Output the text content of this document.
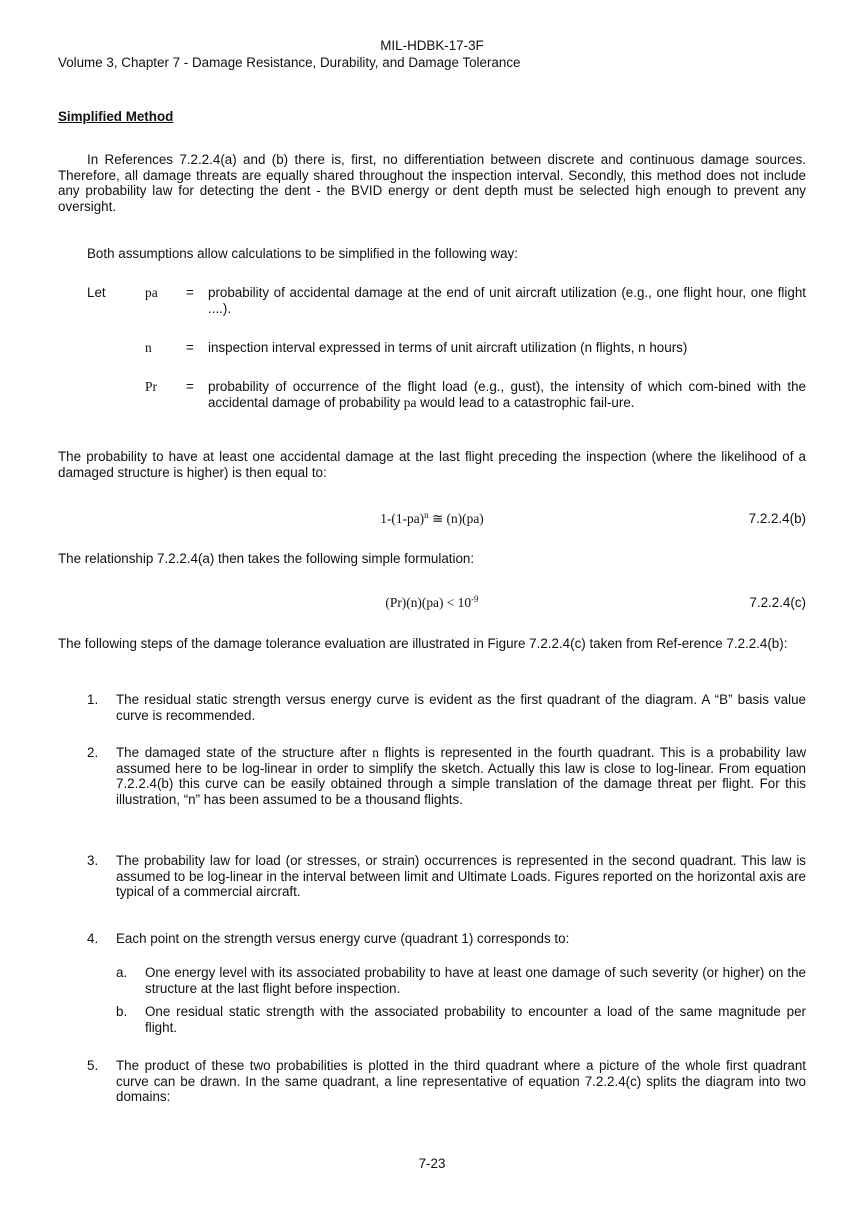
MIL-HDBK-17-3F
Volume 3, Chapter 7 - Damage Resistance, Durability, and Damage Tolerance
Simplified Method
In References 7.2.2.4(a) and (b) there is, first, no differentiation between discrete and continuous damage sources. Therefore, all damage threats are equally shared throughout the inspection interval. Secondly, this method does not include any probability law for detecting the dent - the BVID energy or dent depth must be selected high enough to prevent any oversight.
Both assumptions allow calculations to be simplified in the following way:
Let	pa = probability of accidental damage at the end of unit aircraft utilization (e.g., one flight hour, one flight ....).
n	= inspection interval expressed in terms of unit aircraft utilization (n flights, n hours)
Pr = probability of occurrence of the flight load (e.g., gust), the intensity of which com-bined with the accidental damage of probability pa would lead to a catastrophic fail-ure.
The probability to have at least one accidental damage at the last flight preceding the inspection (where the likelihood of a damaged structure is higher) is then equal to:
$1-(1-pa)^n$ ≅ (n)(pa)	7.2.2.4(b)
The relationship 7.2.2.4(a) then takes the following simple formulation:
$(Pr)(n)(pa) < 10^{-9}$	7.2.2.4(c)
The following steps of the damage tolerance evaluation are illustrated in Figure 7.2.2.4(c) taken from Ref-erence 7.2.2.4(b):
1. The residual static strength versus energy curve is evident as the first quadrant of the diagram. A “B” basis value curve is recommended.
2. The damaged state of the structure after n flights is represented in the fourth quadrant. This is a probability law assumed here to be log-linear in order to simplify the sketch. Actually this law is close to log-linear. From equation 7.2.2.4(b) this curve can be easily obtained through a simple translation of the damage threat per flight. For this illustration, “n” has been assumed to be a thousand flights.
3. The probability law for load (or stresses, or strain) occurrences is represented in the second quadrant. This law is assumed to be log-linear in the interval between limit and Ultimate Loads. Figures reported on the horizontal axis are typical of a commercial aircraft.
4. Each point on the strength versus energy curve (quadrant 1) corresponds to:
a. One energy level with its associated probability to have at least one damage of such severity (or higher) on the structure at the last flight before inspection.
b. One residual static strength with the associated probability to encounter a load of the same magnitude per flight.
5. The product of these two probabilities is plotted in the third quadrant where a picture of the whole first quadrant curve can be drawn. In the same quadrant, a line representative of equation 7.2.2.4(c) splits the diagram into two domains:
7-23
